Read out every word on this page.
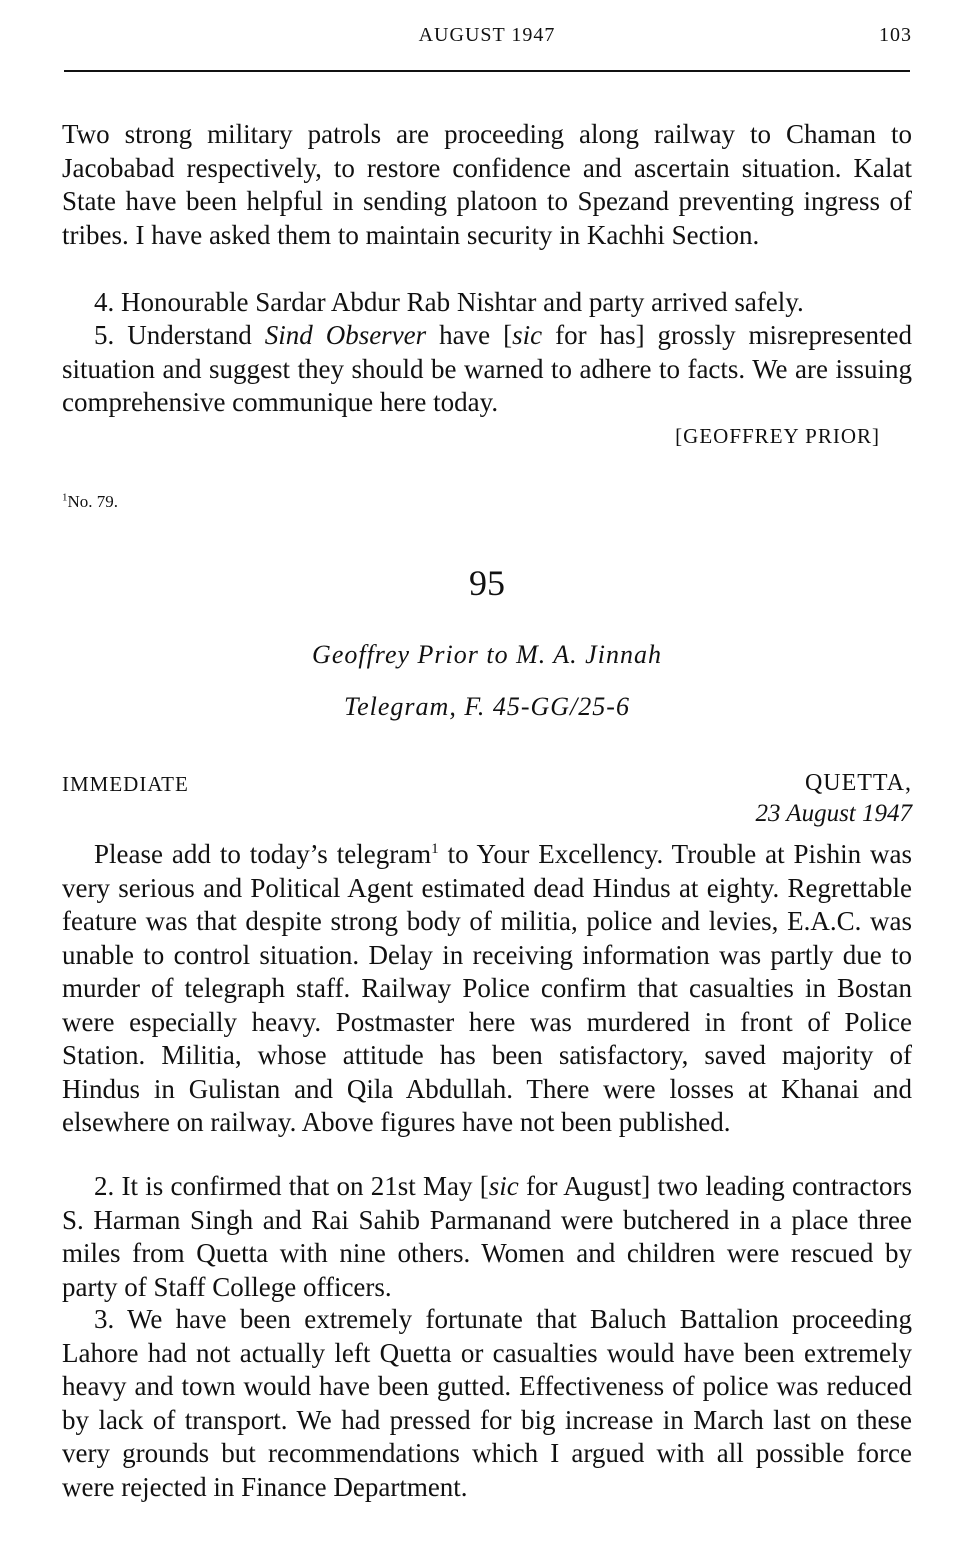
AUGUST 1947	103

Two strong military patrols are proceeding along railway to Chaman to Jacobabad respectively, to restore confidence and ascertain situation. Kalat State have been helpful in sending platoon to Spezand preventing ingress of tribes. I have asked them to maintain security in Kachhi Section.

4. Honourable Sardar Abdur Rab Nishtar and party arrived safely.

5. Understand Sind Observer have [sic for has] grossly misrepresented situation and suggest they should be warned to adhere to facts. We are issuing comprehensive communique here today.

[GEOFFREY PRIOR]
$^1$No. 79.
95
Geoffrey Prior to M. A. Jinnah
Telegram, F. 45-GG/25-6
IMMEDIATE	QUETTA,
23 August 1947

Please add to today’s telegram$^1$ to Your Excellency. Trouble at Pishin was very serious and Political Agent estimated dead Hindus at eighty. Regrettable feature was that despite strong body of militia, police and levies, E.A.C. was unable to control situation. Delay in receiving information was partly due to murder of telegraph staff. Railway Police confirm that casualties in Bostan were especially heavy. Postmaster here was murdered in front of Police Station. Militia, whose attitude has been satisfactory, saved majority of Hindus in Gulistan and Qila Abdullah. There were losses at Khanai and elsewhere on railway. Above figures have not been published.

2. It is confirmed that on 21st May [sic for August] two leading contractors S. Harman Singh and Rai Sahib Parmanand were butchered in a place three miles from Quetta with nine others. Women and children were rescued by party of Staff College officers.

3. We have been extremely fortunate that Baluch Battalion proceeding Lahore had not actually left Quetta or casualties would have been extremely heavy and town would have been gutted. Effectiveness of police was reduced by lack of transport. We had pressed for big increase in March last on these very grounds but recommendations which I argued with all possible force were rejected in Finance Department.
